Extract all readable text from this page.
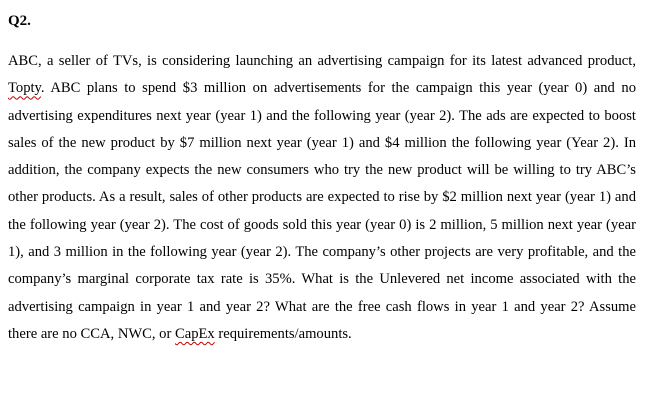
Q2.

ABC, a seller of TVs, is considering launching an advertising campaign for its latest advanced product, Topty. ABC plans to spend $3 million on advertisements for the campaign this year (year 0) and no advertising expenditures next year (year 1) and the following year (year 2). The ads are expected to boost sales of the new product by $7 million next year (year 1) and $4 million the following year (Year 2). In addition, the company expects the new consumers who try the new product will be willing to try ABC’s other products. As a result, sales of other products are expected to rise by $2 million next year (year 1) and the following year (year 2). The cost of goods sold this year (year 0) is 2 million, 5 million next year (year 1), and 3 million in the following year (year 2). The company’s other projects are very profitable, and the company’s marginal corporate tax rate is 35%. What is the Unlevered net income associated with the advertising campaign in year 1 and year 2? What are the free cash flows in year 1 and year 2? Assume there are no CCA, NWC, or CapEx requirements/amounts.
